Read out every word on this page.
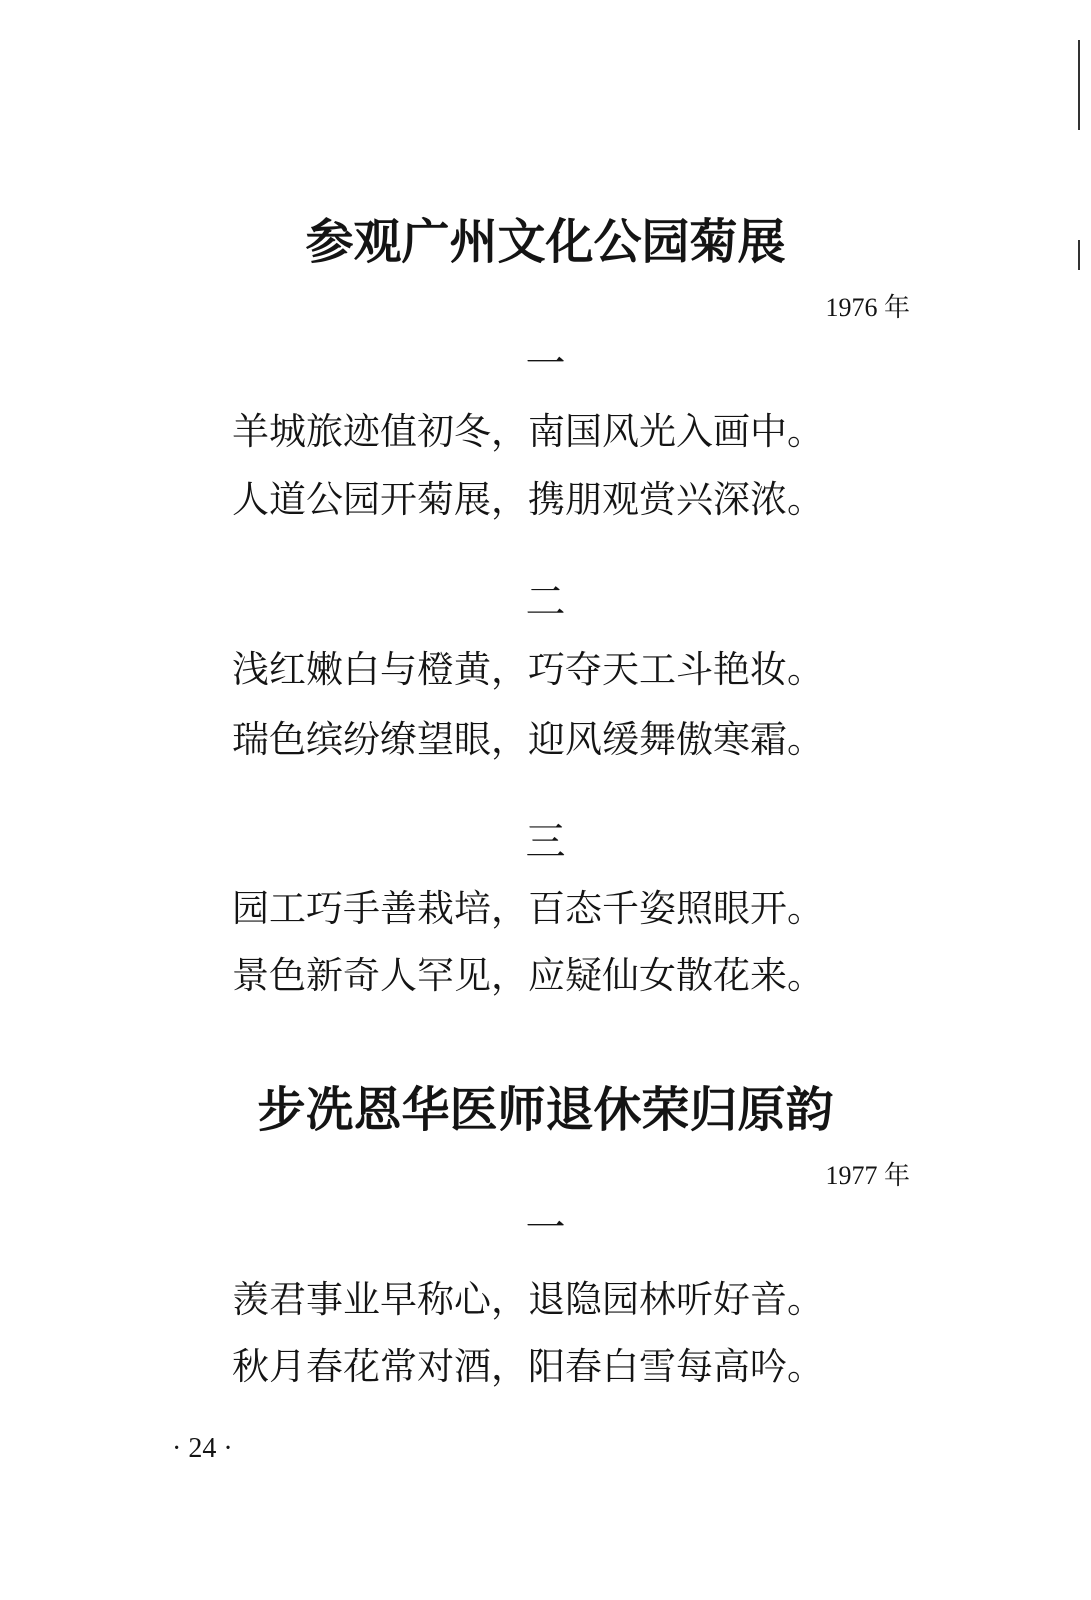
参观广州文化公园菊展
1976 年
一
羊城旅迹值初冬，南国风光入画中。
人道公园开菊展，携朋观赏兴深浓。
二
浅红嫩白与橙黄，巧夺天工斗艳妆。
瑞色缤纷缭望眼，迎风缓舞傲寒霜。
三
园工巧手善栽培，百态千姿照眼开。
景色新奇人罕见，应疑仙女散花来。
步冼恩华医师退休荣归原韵
1977 年
一
羡君事业早称心，退隐园林听好音。
秋月春花常对酒，阳春白雪每高吟。
· 24 ·
